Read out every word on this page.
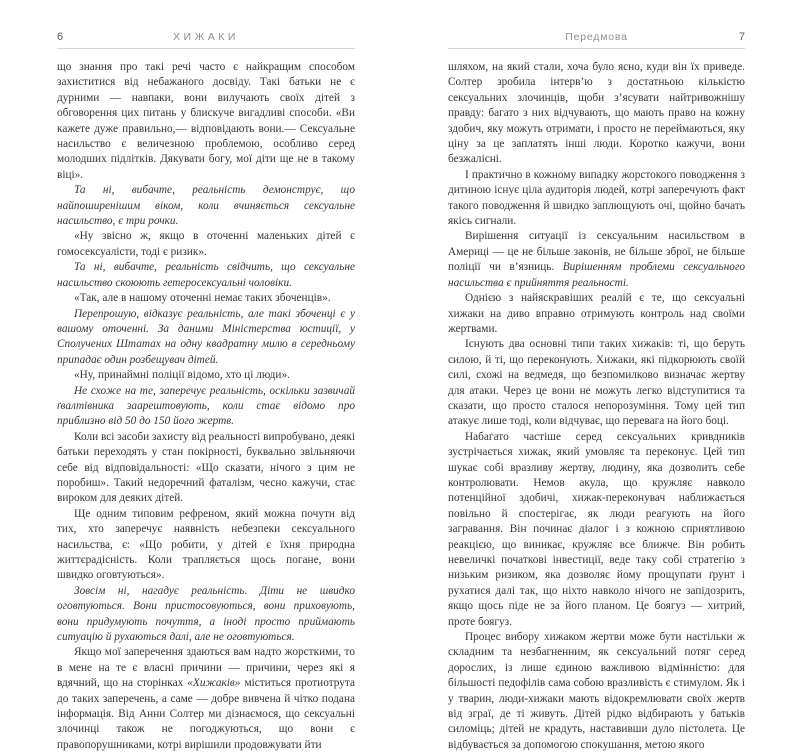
6	ХИЖАКИ

що знання про такі речі часто є найкращим способом захиститися від небажаного досвіду. Такі батьки не є дурними — навпаки, вони вилучають своїх дітей з обговорення цих питань у блискуче вигадливі способи. «Ви кажете дуже правильно,— відповідають вони.— Сексуальне насильство є величезною проблемою, особливо серед молодших підлітків. Дякувати богу, мої діти ще не в такому віці».

Та ні, вибачте, реальність демонструє, що найпоширенішим віком, коли вчиняється сексуальне насильство, є три рочки.

«Ну звісно ж, якщо в оточенні маленьких дітей є гомосексуалісти, тоді є ризик».

Та ні, вибачте, реальність свідчить, що сексуальне насильство скоюють гетеросексуальні чоловіки.

«Так, але в нашому оточенні немає таких збоченців».

Перепрошую, відказує реальність, але такі збоченці є у вашому оточенні. За даними Міністерства юстиції, у Сполучених Штатах на одну квадратну милю в середньому припадає один розбещувач дітей.

«Ну, принаймні поліції відомо, хто ці люди».

Не схоже на те, заперечує реальність, оскільки зазвичай ґвалтівника заарештовують, коли стає відомо про приблизно від 50 до 150 його жертв.

Коли всі засоби захисту від реальності випробувано, деякі батьки переходять у стан покірності, буквально звільняючи себе від відповідальності: «Що сказати, нічого з цим не поробиш». Такий недоречний фаталізм, чесно кажучи, стає вироком для деяких дітей.

Ще одним типовим рефреном, який можна почути від тих, хто заперечує наявність небезпеки сексуального насильства, є: «Що робити, у дітей є їхня природна життєрадісність. Коли трапляється щось погане, вони швидко оговтуються».

Зовсім ні, нагадує реальність. Діти не швидко оговтуються. Вони пристосовуються, вони приховують, вони придумують почуття, а іноді просто приймають ситуацію й рухаються далі, але не оговтуються.

Якщо мої заперечення здаються вам надто жорсткими, то в мене на те є власні причини — причини, через які я вдячний, що на сторінках «Хижаків» міститься протиотрута до таких заперечень, а саме — добре вивчена й чітко подана інформація. Від Анни Солтер ми дізнаємося, що сексуальні злочинці також не погоджуються, що вони є правопорушниками, котрі вирішили продовжувати йти

7
Передмова

шляхом, на який стали, хоча було ясно, куди він їх приведе. Солтер зробила інтерв’ю з достатньою кількістю сексуальних злочинців, щоби з’ясувати найтривожнішу правду: багато з них відчувають, що мають право на кожну здобич, яку можуть отримати, і просто не переймаються, яку ціну за це заплатять інші люди. Коротко кажучи, вони безжалісні.

І практично в кожному випадку жорстокого поводження з дитиною існує ціла аудиторія людей, котрі заперечують факт такого поводження й швидко заплющують очі, щойно бачать якісь сигнали.

Вирішення ситуації із сексуальним насильством в Америці — це не більше законів, не більше зброї, не більше поліції чи в’язниць. Вирішенням проблеми сексуального насильства є прийняття реальності.

Однією з найяскравіших реалій є те, що сексуальні хижаки на диво вправно отримують контроль над своїми жертвами.

Існують два основні типи таких хижаків: ті, що беруть силою, й ті, що переконують. Хижаки, які підкорюють своїй силі, схожі на ведмедя, що безпомилково визначає жертву для атаки. Через це вони не можуть легко відступитися та сказати, що просто сталося непорозуміння. Тому цей тип атакує лише тоді, коли відчуває, що перевага на його боці.

Набагато частіше серед сексуальних кривдників зустрічається хижак, який умовляє та переконує. Цей тип шукає собі вразливу жертву, людину, яка дозволить себе контролювати. Немов акула, що кружляє навколо потенційної здобичі, хижак-переконувач наближається повільно й спостерігає, як люди реагують на його загравання. Він починає діалог і з кожною сприятливою реакцією, що виникає, кружляє все ближче. Він робить невеличкі початкові інвестиції, веде таку собі стратегію з низьким ризиком, яка дозволяє йому прощупати ґрунт і рухатися далі так, що ніхто навколо нічого не запідозрить, якщо щось піде не за його планом. Це боягуз — хитрий, проте боягуз.

Процес вибору хижаком жертви може бути настільки ж складним та незбагненним, як сексуальний потяг серед дорослих, із лише єдиною важливою відмінністю: для більшості педофілів сама собою вразливість є стимулом. Як і у тварин, люди-хижаки мають відокремлювати своїх жертв від зграї, де ті живуть. Дітей рідко відбирають у батьків силоміць; дітей не крадуть, наставивши дуло пістолета. Це відбувається за допомогою спокушання, метою якого
